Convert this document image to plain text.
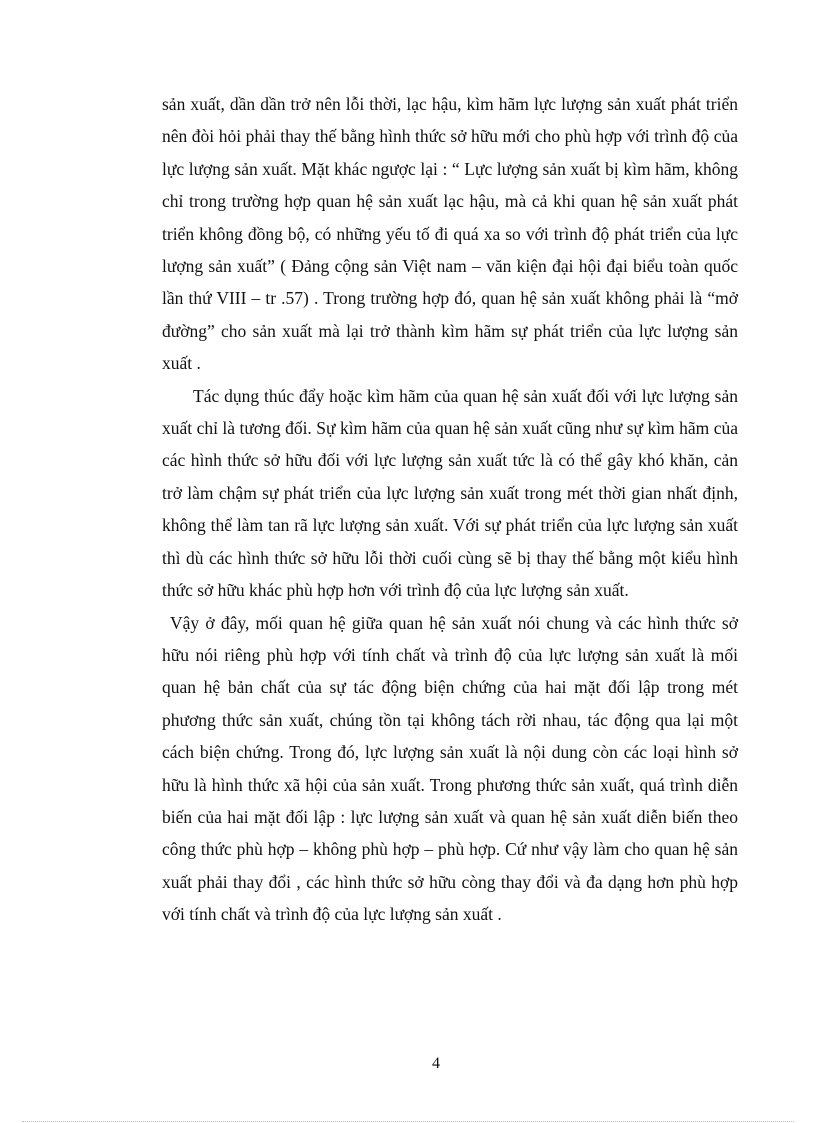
sản xuất, dần dần trở nên lỗi thời, lạc hậu, kìm hãm lực lượng sản xuất phát triển nên đòi hỏi phải thay thế bằng hình thức sở hữu mới cho phù hợp với trình độ của lực lượng sản xuất. Mặt khác ngược lại : “ Lực lượng sản xuất bị kìm hãm, không chỉ trong trường hợp quan hệ sản xuất lạc hậu, mà cả khi quan hệ sản xuất phát triển không đồng bộ, có những yếu tố đi quá xa so với trình độ phát triển của lực lượng sản xuất” ( Đảng cộng sản Việt nam – văn kiện đại hội đại biểu toàn quốc lần thứ VIII – tr .57) . Trong trường hợp đó, quan hệ sản xuất không phải là “mở đường” cho sản xuất mà lại trở thành kìm hãm sự phát triển của lực lượng sản xuất .

Tác dụng thúc đẩy hoặc kìm hãm của quan hệ sản xuất đối với lực lượng sản xuất chỉ là tương đối. Sự kìm hãm của quan hệ sản xuất cũng như sự kìm hãm của các hình thức sở hữu đối với lực lượng sản xuất tức là có thể gây khó khăn, cản trở làm chậm sự phát triển của lực lượng sản xuất trong mét thời gian nhất định, không thể làm tan rã lực lượng sản xuất. Với sự phát triển của lực lượng sản xuất thì dù các hình thức sở hữu lỗi thời cuối cùng sẽ bị thay thế bằng một kiểu hình thức sở hữu khác phù hợp hơn với trình độ của lực lượng sản xuất.

Vậy ở đây, mối quan hệ giữa quan hệ sản xuất nói chung và các hình thức sở hữu nói riêng phù hợp với tính chất và trình độ của lực lượng sản xuất là mối quan hệ bản chất của sự tác động biện chứng của hai mặt đối lập trong mét phương thức sản xuất, chúng tồn tại không tách rời nhau, tác động qua lại một cách biện chứng. Trong đó, lực lượng sản xuất là nội dung còn các loại hình sở hữu là hình thức xã hội của sản xuất. Trong phương thức sản xuất, quá trình diễn biến của hai mặt đối lập : lực lượng sản xuất và quan hệ sản xuất diễn biến theo công thức phù hợp – không phù hợp – phù hợp. Cứ như vậy làm cho quan hệ sản xuất phải thay đổi , các hình thức sở hữu còng thay đổi và đa dạng hơn phù hợp với tính chất và trình độ của lực lượng sản xuất .

4
